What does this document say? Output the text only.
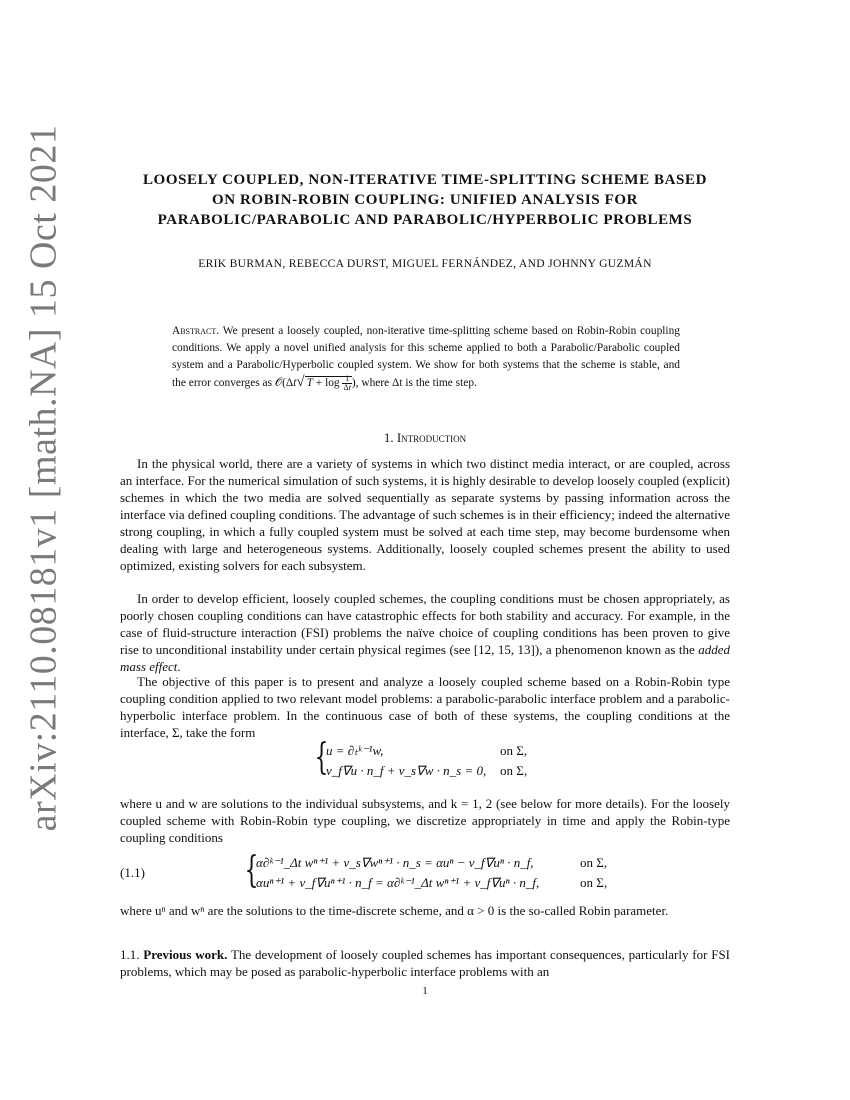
arXiv:2110.08181v1 [math.NA] 15 Oct 2021	LOOSELY COUPLED, NON-ITERATIVE TIME-SPLITTING SCHEME BASED
ON ROBIN-ROBIN COUPLING: UNIFIED ANALYSIS FOR
PARABOLIC/PARABOLIC AND PARABOLIC/HYPERBOLIC PROBLEMS
ERIK BURMAN, REBECCA DURST, MIGUEL FERNÁNDEZ, AND JOHNNY GUZMÁN
Abstract. We present a loosely coupled, non-iterative time-splitting scheme based on Robin-Robin coupling conditions. We apply a novel unified analysis for this scheme applied to both a Parabolic/Parabolic coupled system and a Parabolic/Hyperbolic coupled system. We show for both systems that the scheme is stable, and the error converges as 𝒪(Δt√ $T + \log \frac{1}{\Delta t}$ ), where Δt is the time step.
1. Introduction

In the physical world, there are a variety of systems in which two distinct media interact, or are coupled, across an interface. For the numerical simulation of such systems, it is highly desirable to develop loosely coupled (explicit) schemes in which the two media are solved sequentially as separate systems by passing information across the interface via defined coupling conditions. The advantage of such schemes is in their efficiency; indeed the alternative strong coupling, in which a fully coupled system must be solved at each time step, may become burdensome when dealing with large and heterogeneous systems. Additionally, loosely coupled schemes present the ability to used optimized, existing solvers for each subsystem.

In order to develop efficient, loosely coupled schemes, the coupling conditions must be chosen appropriately, as poorly chosen coupling conditions can have catastrophic effects for both stability and accuracy. For example, in the case of fluid-structure interaction (FSI) problems the naïve choice of coupling conditions has been proven to give rise to unconditional instability under certain physical regimes (see [12, 15, 13]), a phenomenon known as the added mass effect.

The objective of this paper is to present and analyze a loosely coupled scheme based on a Robin-Robin type coupling condition applied to two relevant model problems: a parabolic-parabolic interface problem and a parabolic-hyperbolic interface problem. In the continuous case of both of these systems, the coupling conditions at the interface, Σ, take the form

{
u = ∂ₜᵏ⁻¹w,
ν_f∇u · n_f + ν_s∇w · n_s = 0,
on Σ,
on Σ,

where u and w are solutions to the individual subsystems, and k = 1, 2 (see below for more details). For the loosely coupled scheme with Robin-Robin type coupling, we discretize appropriately in time and apply the Robin-type coupling conditions

(1.1)	{
α∂ᵏ⁻¹_Δt wⁿ⁺¹ + ν_s∇wⁿ⁺¹ · n_s = αuⁿ − ν_f∇uⁿ · n_f,
αuⁿ⁺¹ + ν_f∇uⁿ⁺¹ · n_f = α∂ᵏ⁻¹_Δt wⁿ⁺¹ + ν_f∇uⁿ · n_f,
on Σ,
on Σ,

where uⁿ and wⁿ are the solutions to the time-discrete scheme, and α > 0 is the so-called Robin parameter.

1.1. Previous work. The development of loosely coupled schemes has important consequences, particularly for FSI problems, which may be posed as parabolic-hyperbolic interface problems with an

1
